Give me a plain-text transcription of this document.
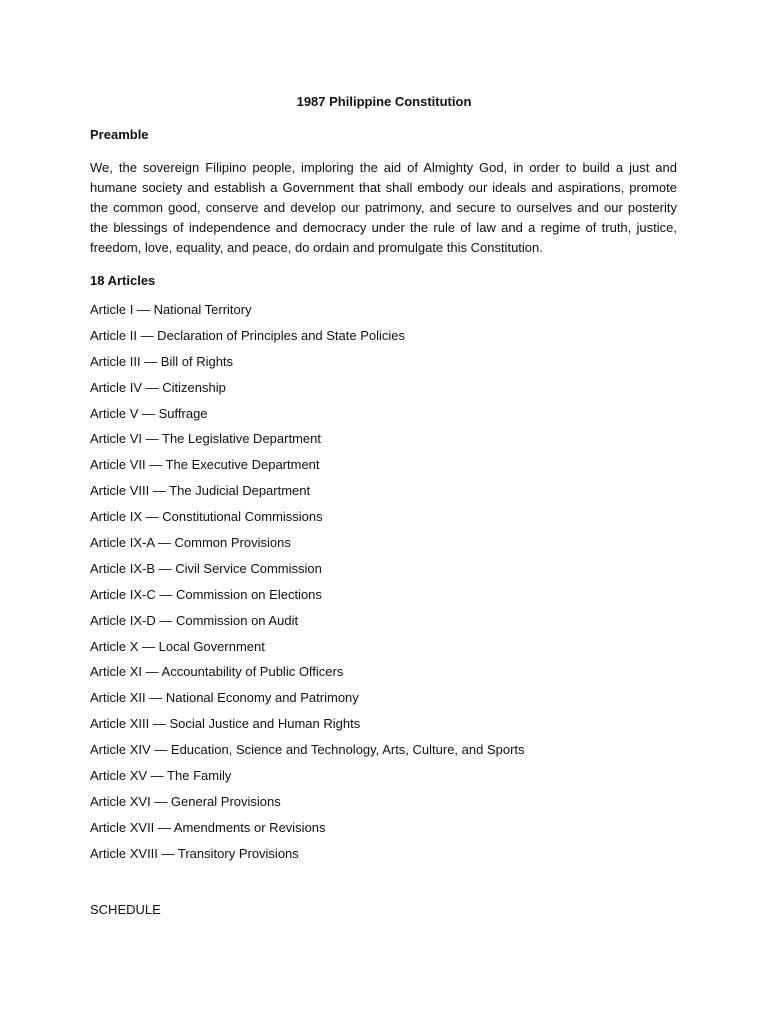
1987 Philippine Constitution
Preamble
We, the sovereign Filipino people, imploring the aid of Almighty God, in order to build a just and humane society and establish a Government that shall embody our ideals and aspirations, promote the common good, conserve and develop our patrimony, and secure to ourselves and our posterity the blessings of independence and democracy under the rule of law and a regime of truth, justice, freedom, love, equality, and peace, do ordain and promulgate this Constitution.
18 Articles
Article I — National Territory
Article II — Declaration of Principles and State Policies
Article III — Bill of Rights
Article IV — Citizenship
Article V — Suffrage
Article VI — The Legislative Department
Article VII — The Executive Department
Article VIII — The Judicial Department
Article IX — Constitutional Commissions
Article IX-A — Common Provisions
Article IX-B — Civil Service Commission
Article IX-C — Commission on Elections
Article IX-D — Commission on Audit
Article X — Local Government
Article XI — Accountability of Public Officers
Article XII — National Economy and Patrimony
Article XIII — Social Justice and Human Rights
Article XIV — Education, Science and Technology, Arts, Culture, and Sports
Article XV — The Family
Article XVI — General Provisions
Article XVII — Amendments or Revisions
Article XVIII — Transitory Provisions
SCHEDULE
